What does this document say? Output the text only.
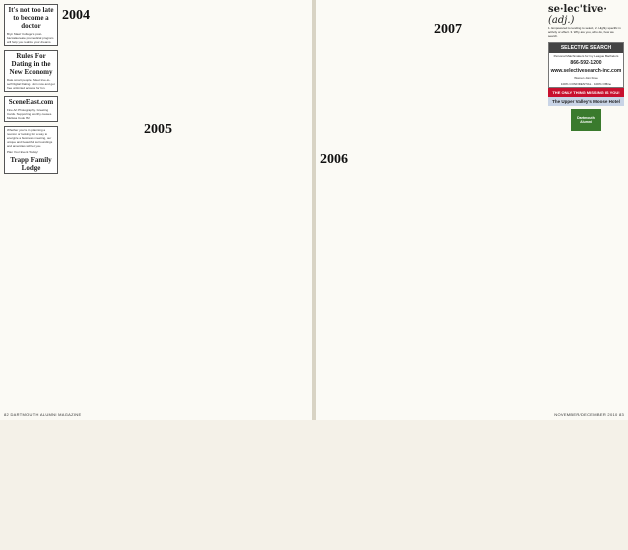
It's not too late to become a doctor

Bryn Mawr College's post-baccalaureate premedical program will help you realize your dreams.

Rules For Dating in the New Economy

Date smart people. Meet true-to-self Digital Dating. Join now and get free unlimited access for fun.

SceneEast.com

Fine Art Photography. Greeting Cards. Supporting worthy causes. Melissa Cook '82

Whether you're in planning a reunion or looking for a way to energize a business meeting, our unique and beautiful surroundings and amenities will let you.

Plan Your Event Today!

Trapp Family Lodge
2004
2005
82 DARTMOUTH ALUMNI MAGAZINE
2006
2007
NOVEMBER/DECEMBER 2010 83
se·lec'tive· (adj.)
1. Empowered to tending to select, 2. Highly specific in activity or effect. 3. Why are you, who do, how we search.
SELECTIVE SEARCH

Personal Matchmakers for Ivy League Bachelors

866-592-1200
www.selectivesearch-inc.com

Women Join Free

100% CONFIDENTIAL · 100% Offline

THE ONLY THING MISSING IS YOU!
The Upper Valley's Moose Hotel
Dartmouth Alumni
